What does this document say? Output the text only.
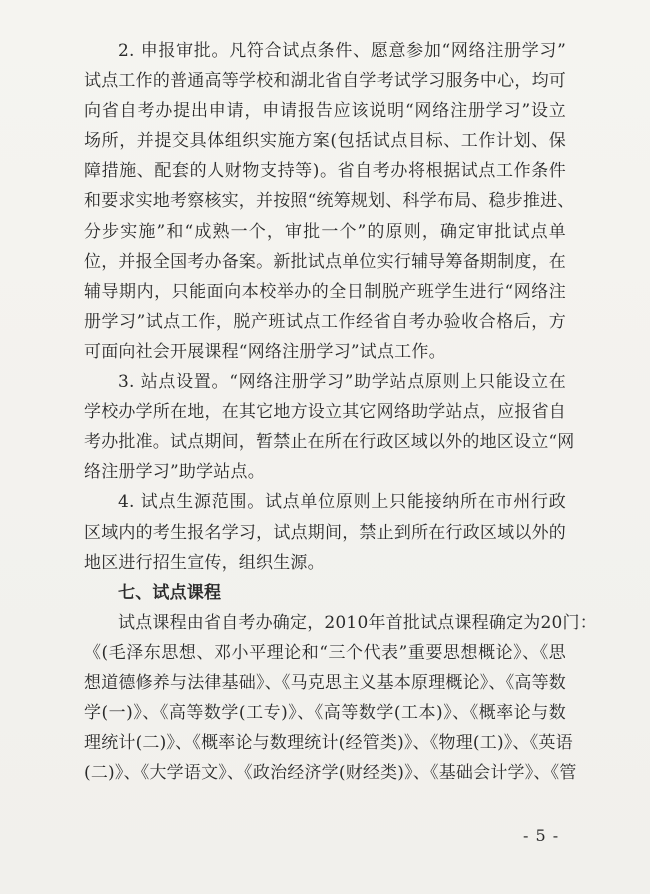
2. 申报审批。凡符合试点条件、愿意参加“网络注册学习”
试点工作的普通高等学校和湖北省自学考试学习服务中心，均可
向省自考办提出申请，申请报告应该说明“网络注册学习”设立
场所，并提交具体组织实施方案(包括试点目标、工作计划、保
障措施、配套的人财物支持等)。省自考办将根据试点工作条件
和要求实地考察核实，并按照“统筹规划、科学布局、稳步推进、
分步实施”和“成熟一个，审批一个”的原则，确定审批试点单
位，并报全国考办备案。新批试点单位实行辅导筹备期制度，在
辅导期内，只能面向本校举办的全日制脱产班学生进行“网络注
册学习”试点工作，脱产班试点工作经省自考办验收合格后，方
可面向社会开展课程“网络注册学习”试点工作。

3. 站点设置。“网络注册学习”助学站点原则上只能设立在
学校办学所在地，在其它地方设立其它网络助学站点，应报省自
考办批准。试点期间，暂禁止在所在行政区域以外的地区设立“网
络注册学习”助学站点。

4. 试点生源范围。试点单位原则上只能接纳所在市州行政
区域内的考生报名学习，试点期间，禁止到所在行政区域以外的
地区进行招生宣传，组织生源。

七、试点课程

试点课程由省自考办确定，2010年首批试点课程确定为20门：
《(毛泽东思想、邓小平理论和“三个代表”重要思想概论》、《思
想道德修养与法律基础》、《马克思主义基本原理概论》、《高等数
学(一)》、《高等数学(工专)》、《高等数学(工本)》、《概率论与数
理统计(二)》、《概率论与数理统计(经管类)》、《物理(工)》、《英语
(二)》、《大学语文》、《政治经济学(财经类)》、《基础会计学》、《管

- 5 -
